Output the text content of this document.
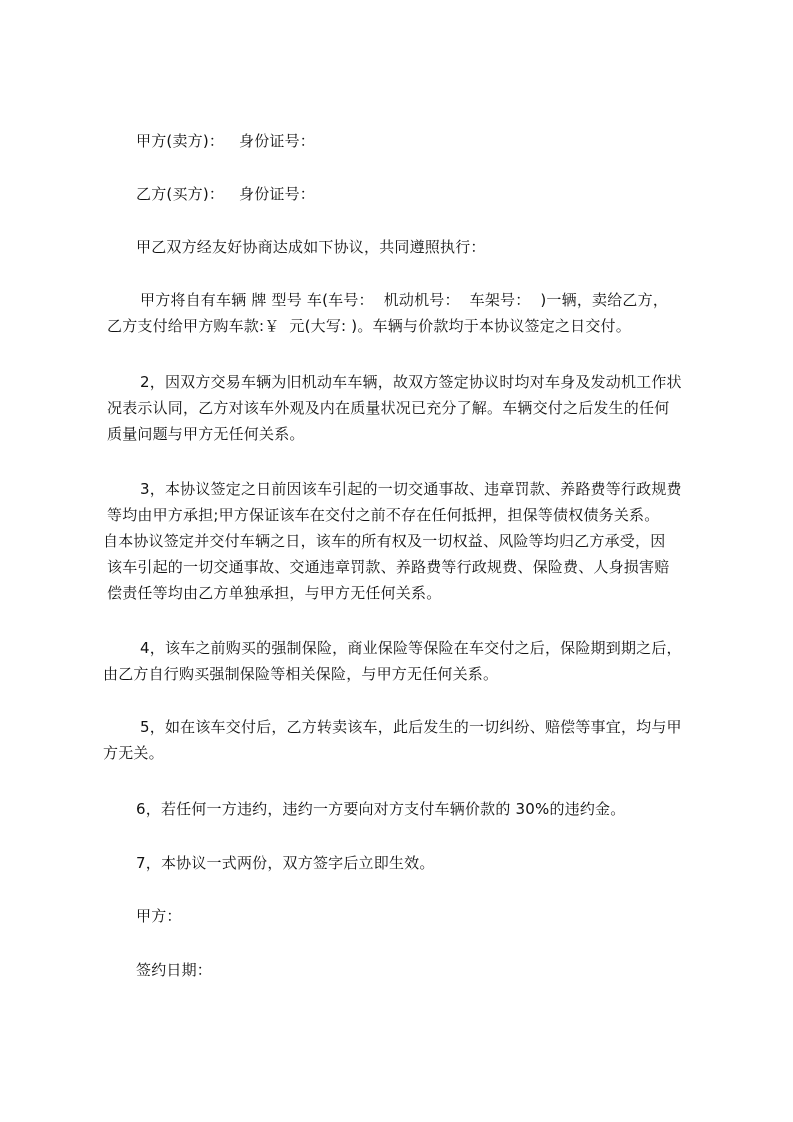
甲方(卖方)：   身份证号：
乙方(买方)：   身份证号：
甲乙双方经友好协商达成如下协议，共同遵照执行：
甲方将自有车辆 牌 型号 车(车号：  机动机号：  车架号：  )一辆，卖给乙方，
乙方支付给甲方购车款:￥  元(大写: )。车辆与价款均于本协议签定之日交付。
2，因双方交易车辆为旧机动车车辆，故双方签定协议时均对车身及发动机工作状
况表示认同，乙方对该车外观及内在质量状况已充分了解。车辆交付之后发生的任何
质量问题与甲方无任何关系。
3，本协议签定之日前因该车引起的一切交通事故、违章罚款、养路费等行政规费
等均由甲方承担;甲方保证该车在交付之前不存在任何抵押，担保等债权债务关系。
自本协议签定并交付车辆之日，该车的所有权及一切权益、风险等均归乙方承受，因
该车引起的一切交通事故、交通违章罚款、养路费等行政规费、保险费、人身损害赔
偿责任等均由乙方单独承担，与甲方无任何关系。
4，该车之前购买的强制保险，商业保险等保险在车交付之后，保险期到期之后，
由乙方自行购买强制保险等相关保险，与甲方无任何关系。
5，如在该车交付后，乙方转卖该车，此后发生的一切纠纷、赔偿等事宜，均与甲
方无关。
6，若任何一方违约，违约一方要向对方支付车辆价款的 30%的违约金。
7，本协议一式两份，双方签字后立即生效。
甲方：
签约日期：
